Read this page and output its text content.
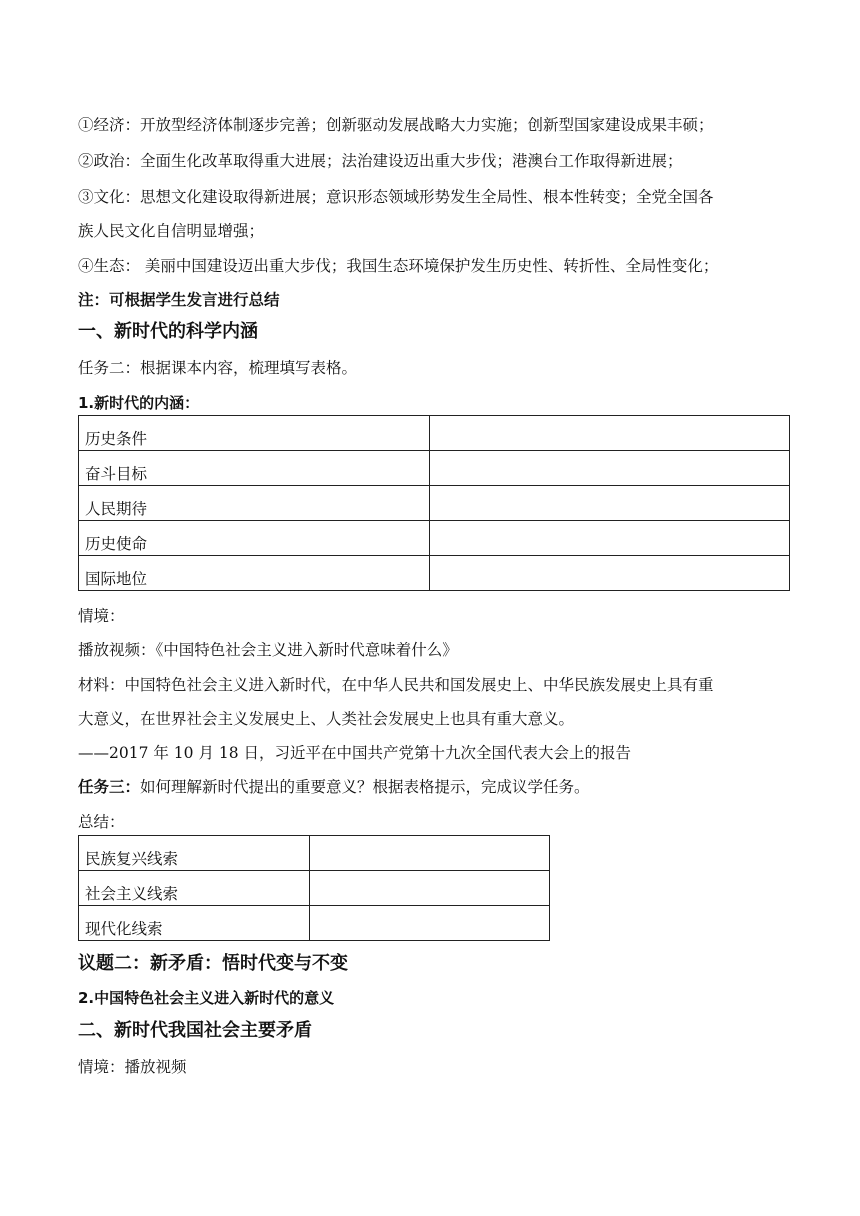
①经济：开放型经济体制逐步完善；创新驱动发展战略大力实施；创新型国家建设成果丰硕；
②政治：全面生化改革取得重大进展；法治建设迈出重大步伐；港澳台工作取得新进展；
③文化：思想文化建设取得新进展；意识形态领域形势发生全局性、根本性转变；全党全国各
族人民文化自信明显增强；
④生态： 美丽中国建设迈出重大步伐；我国生态环境保护发生历史性、转折性、全局性变化；
注：可根据学生发言进行总结
一、新时代的科学内涵
任务二：根据课本内容，梳理填写表格。
1.新时代的内涵：
历史条件	
奋斗目标	
人民期待	
历史使命	
国际地位	
情境：
播放视频：《中国特色社会主义进入新时代意味着什么》
材料：中国特色社会主义进入新时代，在中华人民共和国发展史上、中华民族发展史上具有重
大意义，在世界社会主义发展史上、人类社会发展史上也具有重大意义。
——2017 年 10 月 18 日，习近平在中国共产党第十九次全国代表大会上的报告
任务三：如何理解新时代提出的重要意义？根据表格提示，完成议学任务。
总结：
民族复兴线索	
社会主义线索	
现代化线索	
议题二：新矛盾：悟时代变与不变
2.中国特色社会主义进入新时代的意义
二、新时代我国社会主要矛盾
情境：播放视频
